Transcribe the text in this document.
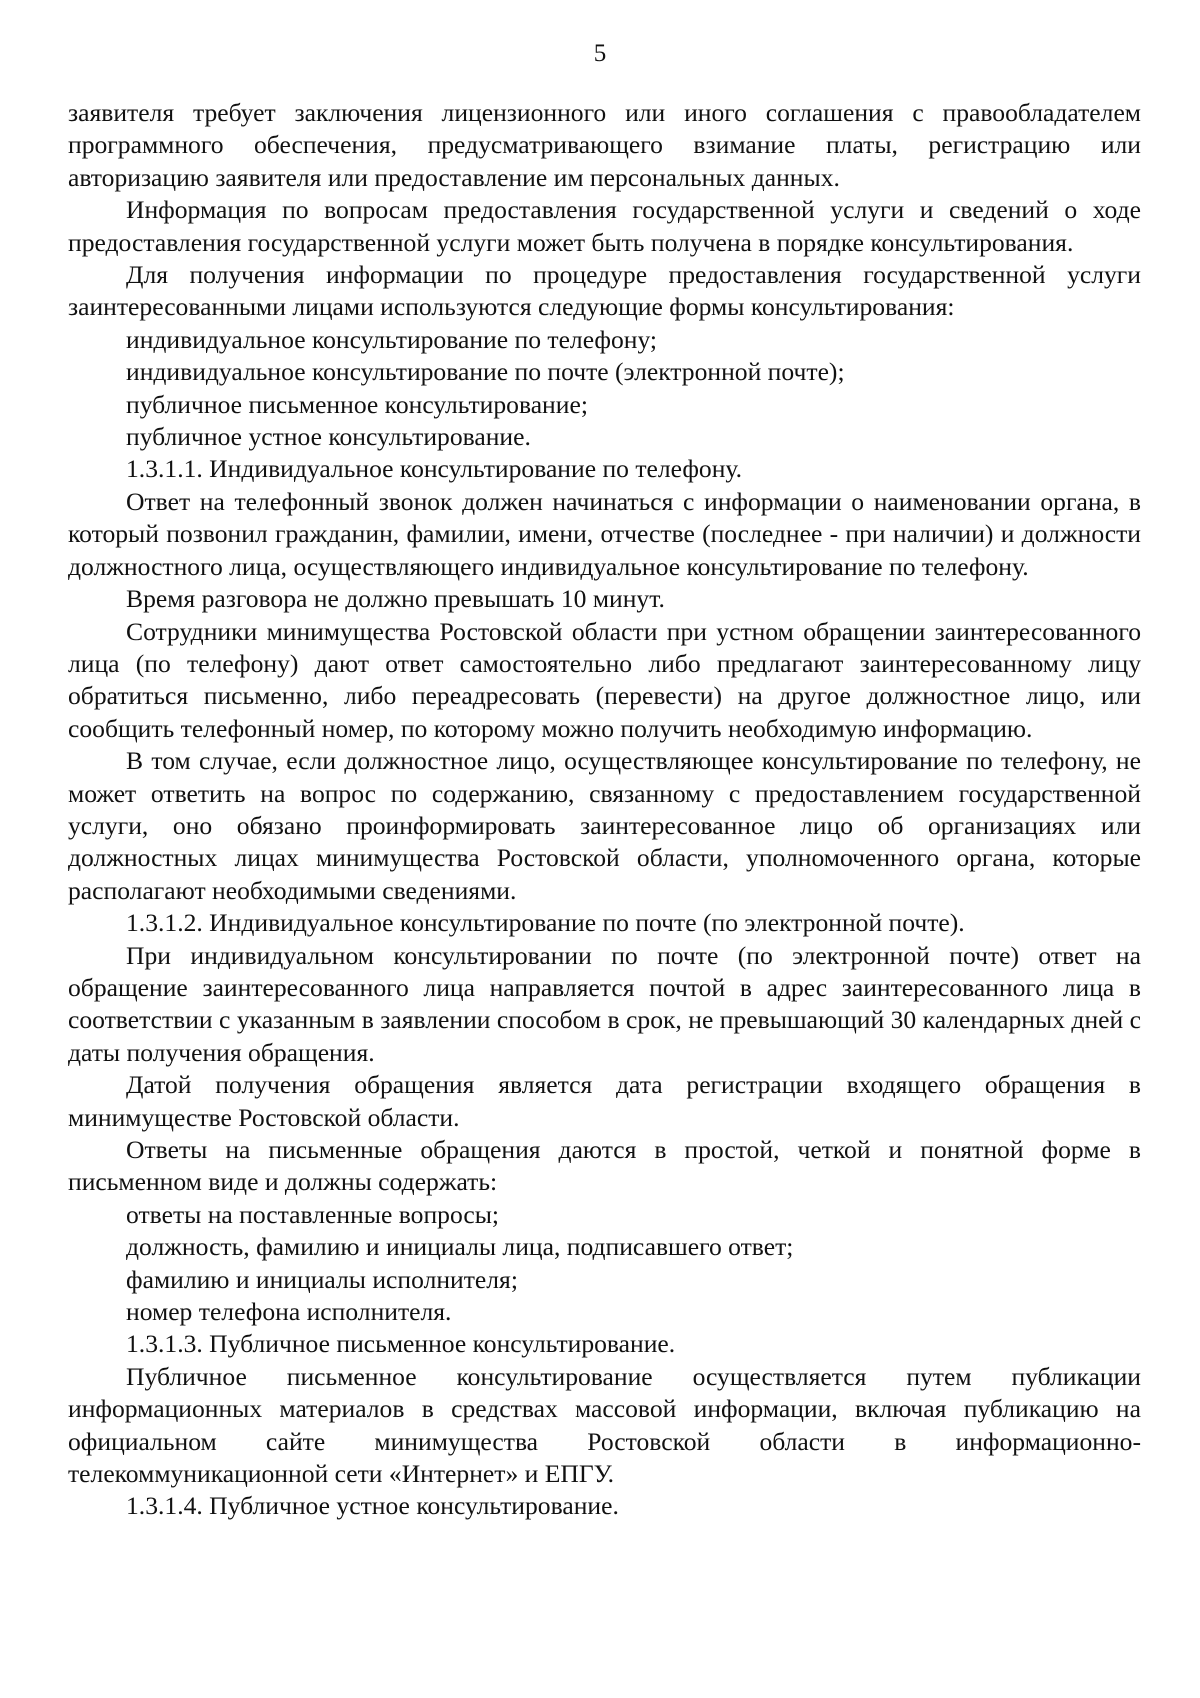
5

заявителя требует заключения лицензионного или иного соглашения с правообладателем программного обеспечения, предусматривающего взимание платы, регистрацию или авторизацию заявителя или предоставление им персональных данных.

Информация по вопросам предоставления государственной услуги и сведений о ходе предоставления государственной услуги может быть получена в порядке консультирования.

Для получения информации по процедуре предоставления государственной услуги заинтересованными лицами используются следующие формы консультирования:

индивидуальное консультирование по телефону;

индивидуальное консультирование по почте (электронной почте);

публичное письменное консультирование;

публичное устное консультирование.

1.3.1.1. Индивидуальное консультирование по телефону.

Ответ на телефонный звонок должен начинаться с информации о наименовании органа, в который позвонил гражданин, фамилии, имени, отчестве (последнее - при наличии) и должности должностного лица, осуществляющего индивидуальное консультирование по телефону.

Время разговора не должно превышать 10 минут.

Сотрудники минимущества Ростовской области при устном обращении заинтересованного лица (по телефону) дают ответ самостоятельно либо предлагают заинтересованному лицу обратиться письменно, либо переадресовать (перевести) на другое должностное лицо, или сообщить телефонный номер, по которому можно получить необходимую информацию.

В том случае, если должностное лицо, осуществляющее консультирование по телефону, не может ответить на вопрос по содержанию, связанному с предоставлением государственной услуги, оно обязано проинформировать заинтересованное лицо об организациях или должностных лицах минимущества Ростовской области, уполномоченного органа, которые располагают необходимыми сведениями.

1.3.1.2. Индивидуальное консультирование по почте (по электронной почте).

При индивидуальном консультировании по почте (по электронной почте) ответ на обращение заинтересованного лица направляется почтой в адрес заинтересованного лица в соответствии с указанным в заявлении способом в срок, не превышающий 30 календарных дней с даты получения обращения.

Датой получения обращения является дата регистрации входящего обращения в минимуществе Ростовской области.

Ответы на письменные обращения даются в простой, четкой и понятной форме в письменном виде и должны содержать:

ответы на поставленные вопросы;

должность, фамилию и инициалы лица, подписавшего ответ;

фамилию и инициалы исполнителя;

номер телефона исполнителя.

1.3.1.3. Публичное письменное консультирование.

Публичное письменное консультирование осуществляется путем публикации информационных материалов в средствах массовой информации, включая публикацию на официальном сайте минимущества Ростовской области в информационно-телекоммуникационной сети «Интернет» и ЕПГУ.

1.3.1.4. Публичное устное консультирование.
